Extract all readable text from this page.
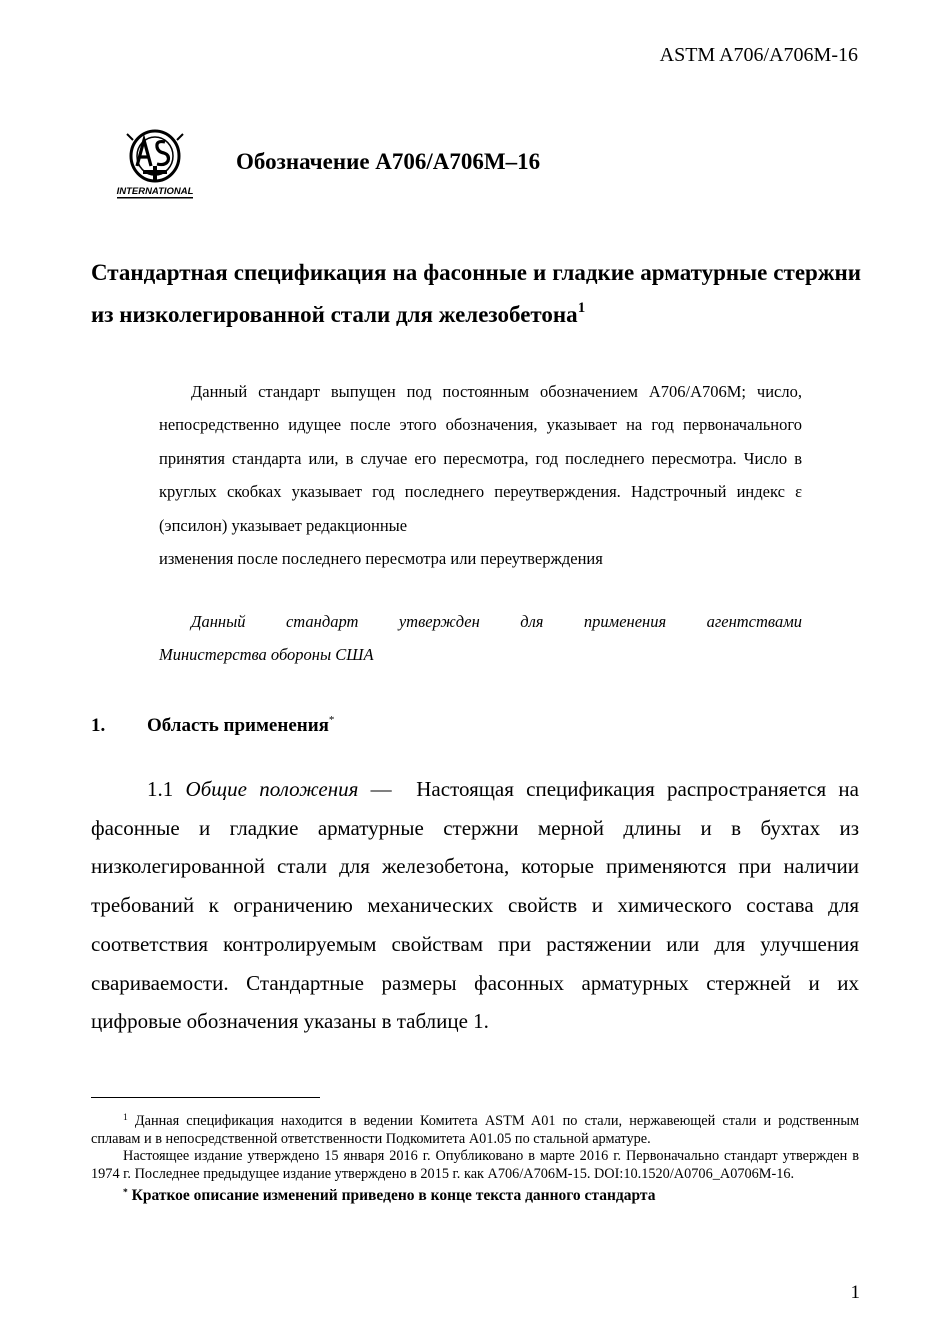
ASTM A706/A706M-16
INTERNATIONAL
Обозначение A706/A706M–16
Стандартная спецификация на фасонные и гладкие арматурные стержни из низколегированной стали для железобетона$^1$

Данный стандарт выпущен под постоянным обозначением A706/A706M; число, непосредственно идущее после этого обозначения, указывает на год первоначального принятия стандарта или, в случае его пересмотра, год последнего пересмотра. Число в круглых скобках указывает год последнего переутверждения. Надстрочный индекс ε (эпсилон) указывает редакционные

изменения после последнего пересмотра или переутверждения

Данный стандарт утвержден для применения агентствами
Министерства обороны США
1. Область применения*
1.1 Общие положения — Настоящая спецификация распространяется на фасонные и гладкие арматурные стержни мерной длины и в бухтах из низколегированной стали для железобетона, которые применяются при наличии требований к ограничению механических свойств и химического состава для соответствия контролируемым свойствам при растяжении или для улучшения свариваемости. Стандартные размеры фасонных арматурных стержней и их цифровые обозначения указаны в таблице 1.

$^1$ Данная спецификация находится в ведении Комитета ASTM A01 по стали, нержавеющей стали и родственным сплавам и в непосредственной ответственности Подкомитета A01.05 по стальной арматуре.

Настоящее издание утверждено 15 января 2016 г. Опубликовано в марте 2016 г. Первоначально стандарт утвержден в 1974 г. Последнее предыдущее издание утверждено в 2015 г. как A706/A706M-15. DOI:10.1520/A0706_A0706M-16.

* Краткое описание изменений приведено в конце текста данного стандарта

1
